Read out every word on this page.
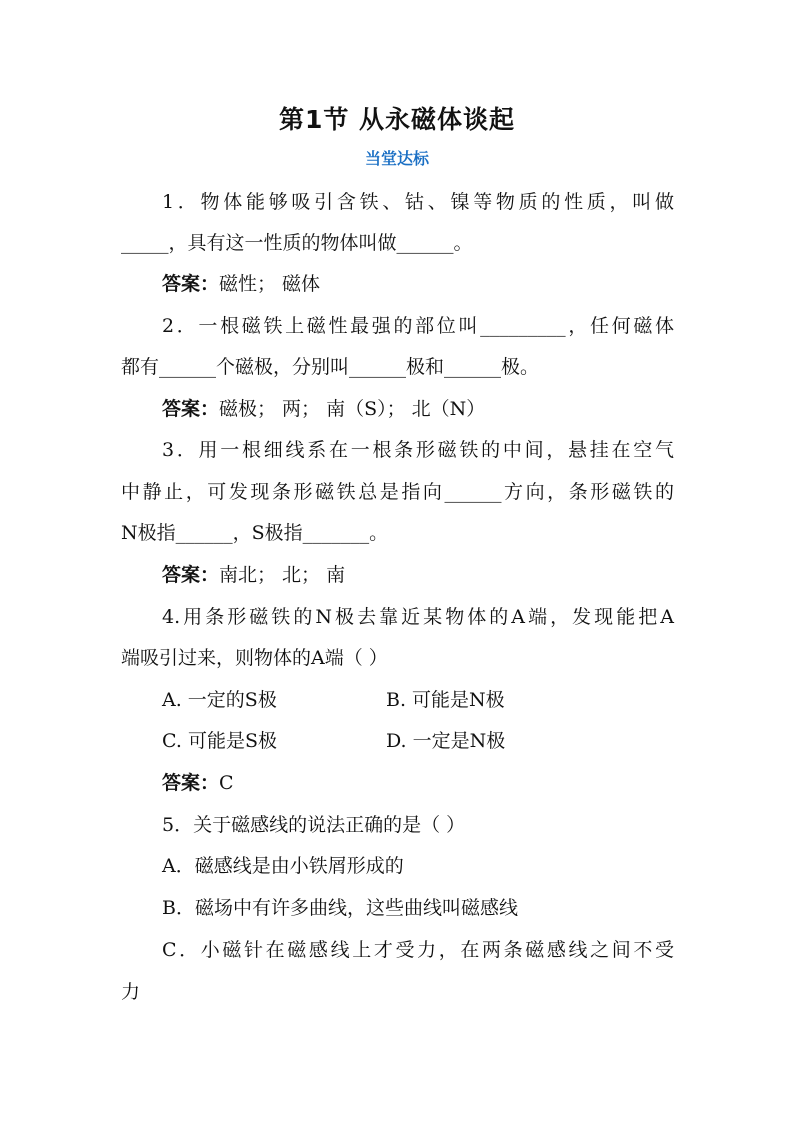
第1节 从永磁体谈起
当堂达标
1．物体能够吸引含铁、钴、镍等物质的性质，叫做
_____，具有这一性质的物体叫做______。
答案：磁性； 磁体
2．一根磁铁上磁性最强的部位叫_________，任何磁体
都有______个磁极，分别叫______极和______极。
答案：磁极； 两； 南（S）； 北（N）
3．用一根细线系在一根条形磁铁的中间，悬挂在空气
中静止，可发现条形磁铁总是指向______方向，条形磁铁的
N极指______，S极指_______。
答案：南北； 北； 南
4.用条形磁铁的N极去靠近某物体的A端，发现能把A
端吸引过来，则物体的A端（ ）
A. 一定的S极	B. 可能是N极
C. 可能是S极	D. 一定是N极
答案：C
5．关于磁感线的说法正确的是（ ）
A．磁感线是由小铁屑形成的
B．磁场中有许多曲线，这些曲线叫磁感线
C．小磁针在磁感线上才受力，在两条磁感线之间不受
力
